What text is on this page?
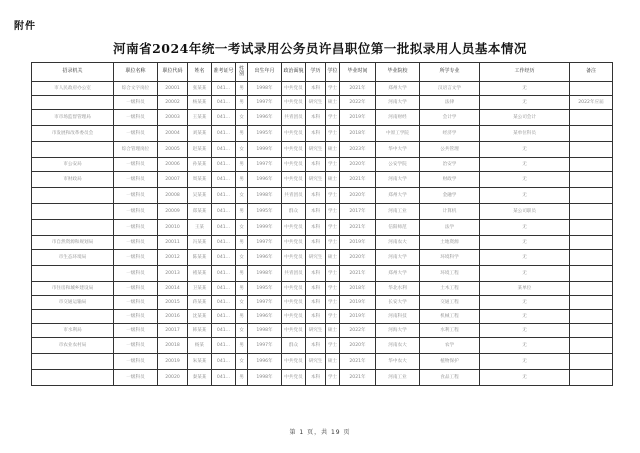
附件
河南省2024年统一考试录用公务员许昌职位第一批拟录用人员基本情况
招录机关	职位名称	职位代码	姓名	准考证号	性别	出生年月	政治面貌	学历	学位	毕业时间	毕业院校	所学专业	工作经历	备注
市人民政府办公室	综合文字岗位	20001	张某某	041...	男	1998年	中共党员	本科	学士	2021年	郑州大学	汉语言文学	无	
	一级科员	20002	杨某某	041...	男	1997年	中共党员	研究生	硕士	2022年	河南大学	法律	无	2022年应届
市市场监督管理局	一级科员	20003	王某某	041...	女	1996年	共青团员	本科	学士	2019年	河南财经	会计学	某公司会计	
市发展和改革委员会	一级科员	20004	刘某某	041...	男	1995年	中共党员	本科	学士	2018年	中原工学院	经济学	某单位科员	
	综合管理岗位	20005	赵某某	041...	女	1999年	中共党员	研究生	硕士	2023年	华中大学	公共管理	无	
市公安局	一级科员	20006	孙某某	041...	男	1997年	中共党员	本科	学士	2020年	公安学院	治安学	无	
市财政局	一级科员	20007	周某某	041...	男	1996年	中共党员	研究生	硕士	2021年	河南大学	财政学	无	
	一级科员	20008	吴某某	041...	女	1998年	共青团员	本科	学士	2020年	郑州大学	金融学	无	
	一级科员	20009	郑某某	041...	男	1995年	群众	本科	学士	2017年	河南工业	计算机	某公司职员	
	一级科员	20010	王某	041...	女	1999年	中共党员	本科	学士	2021年	信阳师范	法学	无	
市自然资源和规划局	一级科员	20011	冯某某	041...	男	1997年	中共党员	本科	学士	2019年	河南农大	土地资源	无	
市生态环境局	一级科员	20012	陈某某	041...	女	1996年	中共党员	研究生	硕士	2020年	河南大学	环境科学	无	
	一级科员	20013	褚某某	041...	男	1998年	共青团员	本科	学士	2021年	郑州大学	环境工程	无	
市住房和城乡建设局	一级科员	20014	卫某某	041...	男	1995年	中共党员	本科	学士	2018年	华北水利	土木工程	某单位	
市交通运输局	一级科员	20015	蒋某某	041...	女	1997年	中共党员	本科	学士	2019年	长安大学	交通工程	无	
	一级科员	20016	沈某某	041...	男	1996年	中共党员	本科	学士	2019年	河南科技	机械工程	无	
市水利局	一级科员	20017	韩某某	041...	女	1998年	中共党员	研究生	硕士	2022年	河海大学	水利工程	无	
市农业农村局	一级科员	20018	杨某	041...	男	1997年	群众	本科	学士	2020年	河南农大	农学	无	
	一级科员	20019	朱某某	041...	女	1996年	中共党员	研究生	硕士	2021年	华中农大	植物保护	无	
	一级科员	20020	秦某某	041...	男	1998年	中共党员	本科	学士	2021年	河南工业	食品工程	无	
第 1 页，共 19 页
